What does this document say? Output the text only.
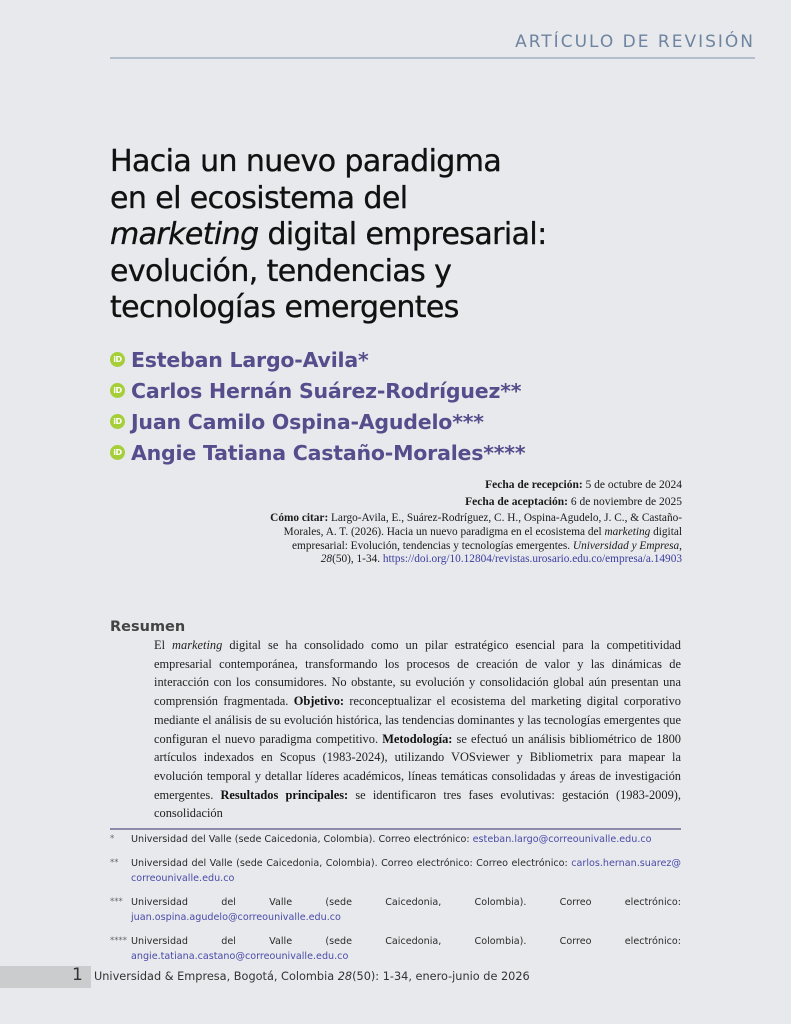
ARTÍCULO DE REVISIÓN
Hacia un nuevo paradigma
en el ecosistema del
marketing digital empresarial:
evolución, tendencias y
tecnologías emergentes
iD Esteban Largo-Avila*
iD Carlos Hernán Suárez-Rodríguez**
iD Juan Camilo Ospina-Agudelo***
iD Angie Tatiana Castaño-Morales****
Fecha de recepción: 5 de octubre de 2024
Fecha de aceptación: 6 de noviembre de 2025
Cómo citar: Largo-Avila, E., Suárez-Rodríguez, C. H., Ospina-Agudelo, J. C., & Castaño-Morales, A. T. (2026). Hacia un nuevo paradigma en el ecosistema del marketing digital empresarial: Evolución, tendencias y tecnologías emergentes. Universidad y Empresa, 28(50), 1-34. https://doi.org/10.12804/revistas.urosario.edu.co/empresa/a.14903
Resumen

El marketing digital se ha consolidado como un pilar estratégico esencial para la competitividad empresarial contemporánea, transformando los procesos de creación de valor y las dinámicas de interacción con los consumidores. No obstante, su evolución y consolidación global aún presentan una comprensión fragmentada. Objetivo: reconceptualizar el ecosistema del marketing digital corporativo mediante el análisis de su evolución histórica, las tendencias dominantes y las tecnologías emergentes que configuran el nuevo paradigma competitivo. Metodología: se efectuó un análisis bibliométrico de 1800 artículos indexados en Scopus (1983-2024), utilizando VOSviewer y Bibliometrix para mapear la evolución temporal y detallar líderes académicos, líneas temáticas consolidadas y áreas de investigación emergentes. Resultados principales: se identificaron tres fases evolutivas: gestación (1983-2009), consolidación

*	Universidad del Valle (sede Caicedonia, Colombia). Correo electrónico: esteban.largo@correounivalle.edu.co
**	Universidad del Valle (sede Caicedonia, Colombia). Correo electrónico: Correo electrónico: carlos.hernan.suarez@ correounivalle.edu.co
*** Universidad del Valle (sede Caicedonia, Colombia). Correo electrónico: juan.ospina.agudelo@correounivalle.edu.co
**** Universidad del Valle (sede Caicedonia, Colombia). Correo electrónico: angie.tatiana.castano@correounivalle.edu.co
1 Universidad & Empresa, Bogotá, Colombia 28(50): 1-34, enero-junio de 2026
